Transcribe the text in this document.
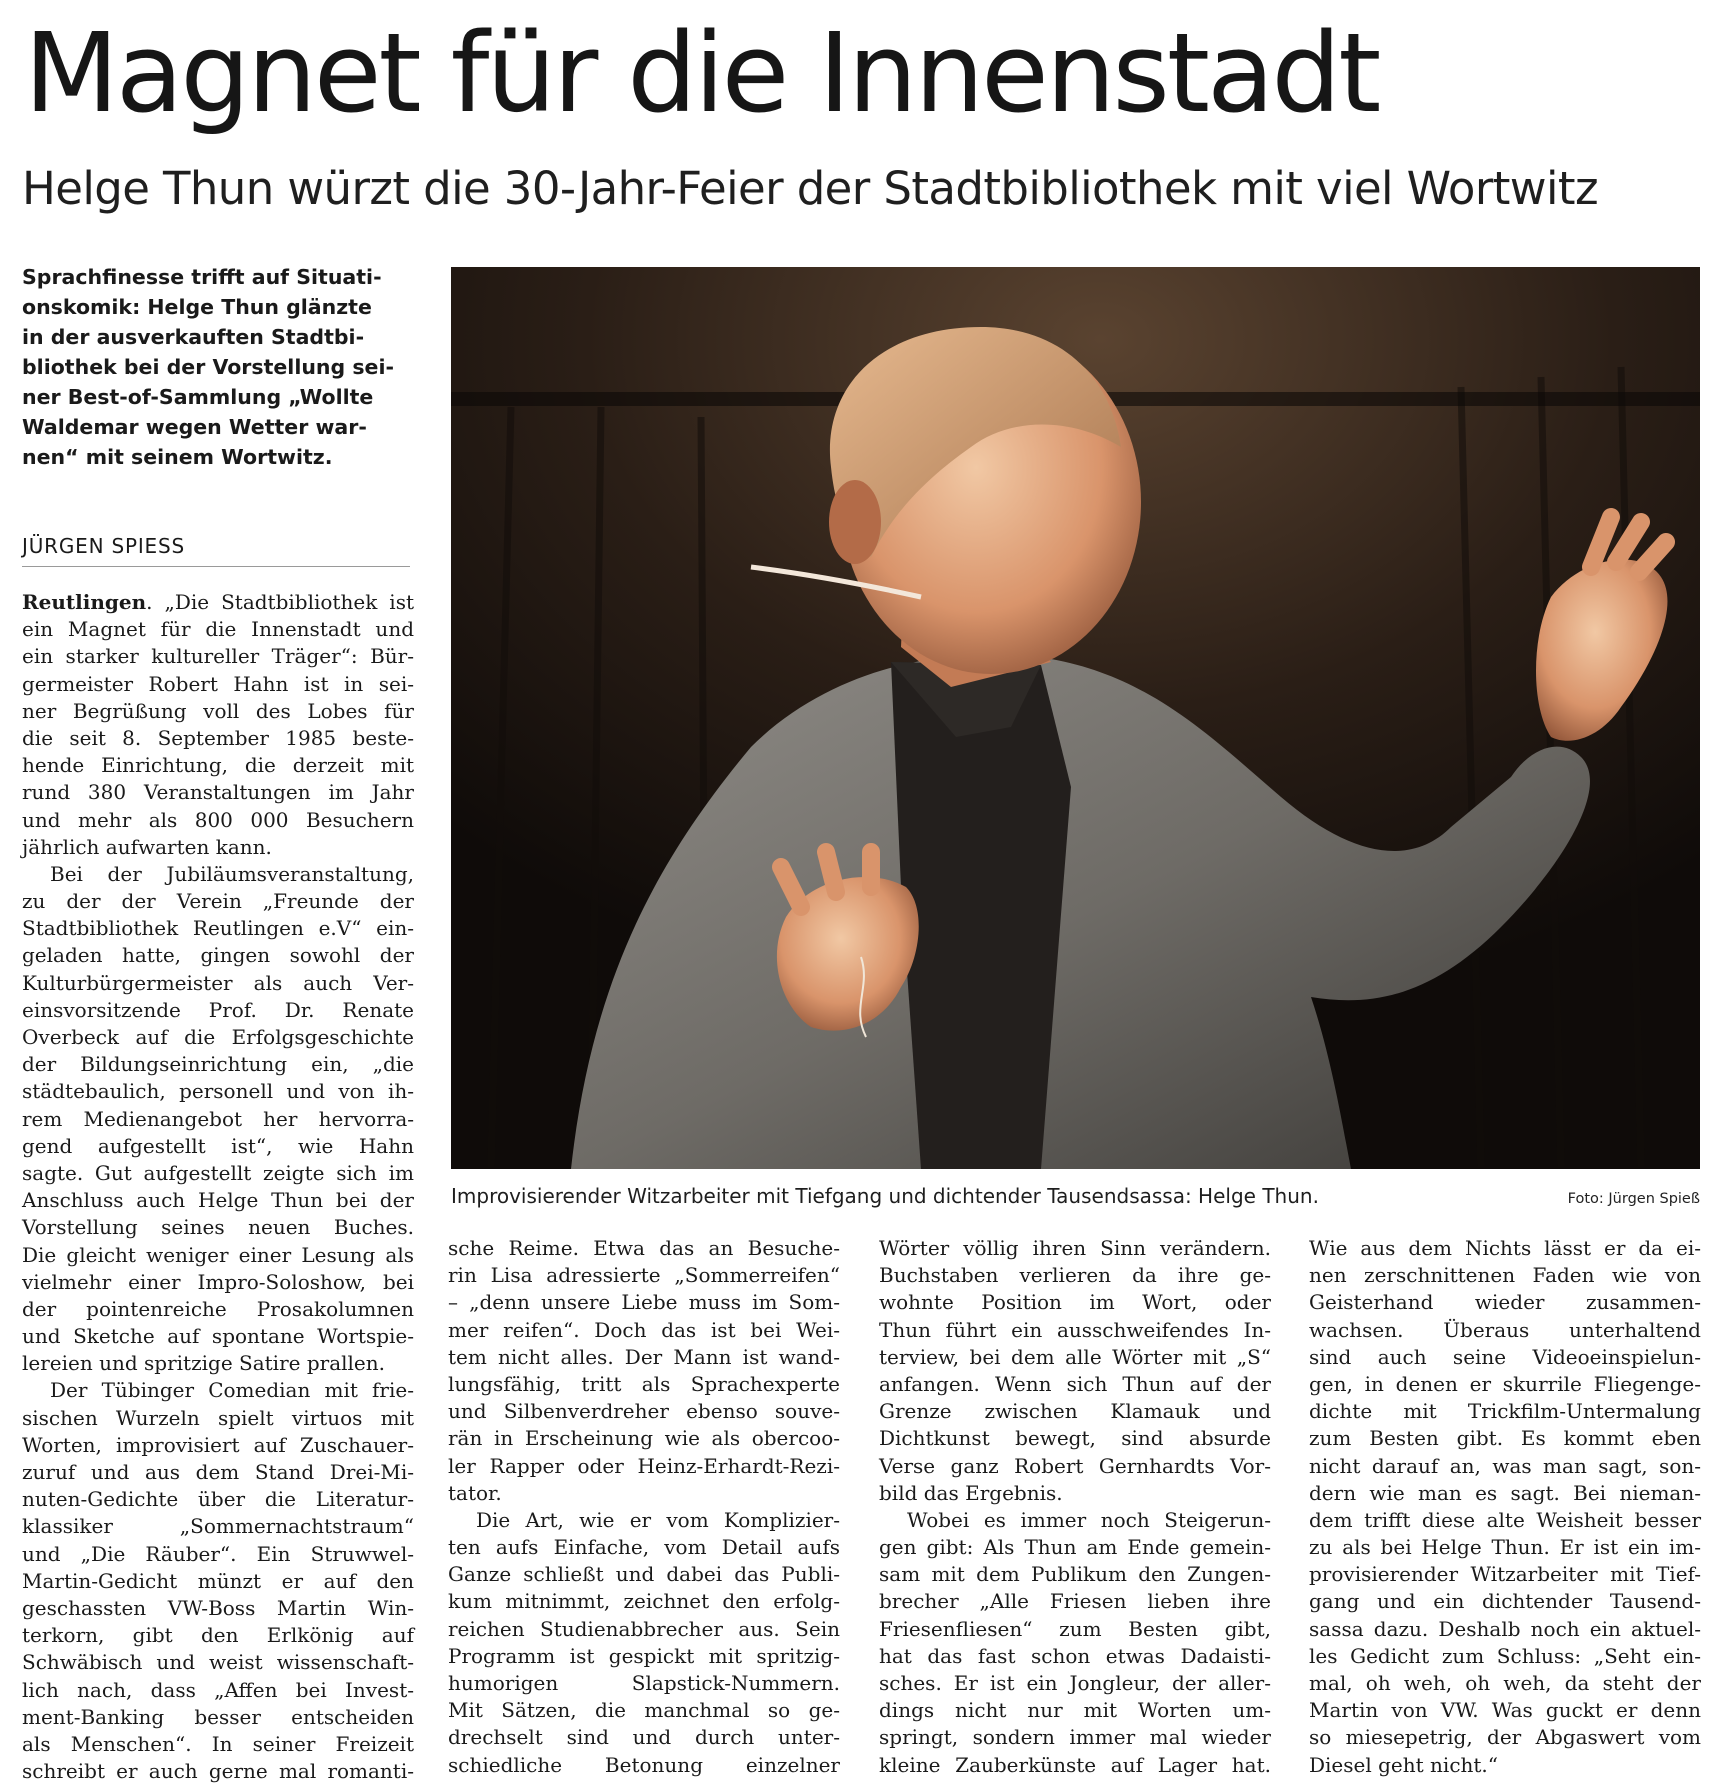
Magnet für die Innenstadt
Helge Thun würzt die 30-Jahr-Feier der Stadtbibliothek mit viel Wortwitz
Sprachfinesse trifft auf Situati-
onskomik: Helge Thun glänzte
in der ausverkauften Stadtbi-
bliothek bei der Vorstellung sei-
ner Best-of-Sammlung „Wollte
Waldemar wegen Wetter war-
nen“ mit seinem Wortwitz.
JÜRGEN SPIESS
Improvisierender Witzarbeiter mit Tiefgang und dichtender Tausendsassa: Helge Thun.	Foto: Jürgen Spieß
Reutlingen. „Die Stadtbibliothek ist
ein Magnet für die Innenstadt und
ein starker kultureller Träger“: Bür-
germeister Robert Hahn ist in sei-
ner Begrüßung voll des Lobes für
die seit 8. September 1985 beste-
hende Einrichtung, die derzeit mit
rund 380 Veranstaltungen im Jahr
und mehr als 800 000 Besuchern
jährlich aufwarten kann.
Bei der Jubiläumsveranstaltung,
zu der der Verein „Freunde der
Stadtbibliothek Reutlingen e.V“ ein-
geladen hatte, gingen sowohl der
Kulturbürgermeister als auch Ver-
einsvorsitzende Prof. Dr. Renate
Overbeck auf die Erfolgsgeschichte
der Bildungseinrichtung ein, „die
städtebaulich, personell und von ih-
rem Medienangebot her hervorra-
gend aufgestellt ist“, wie Hahn
sagte. Gut aufgestellt zeigte sich im
Anschluss auch Helge Thun bei der
Vorstellung seines neuen Buches.
Die gleicht weniger einer Lesung als
vielmehr einer Impro-Soloshow, bei
der pointenreiche Prosakolumnen
und Sketche auf spontane Wortspie-
lereien und spritzige Satire prallen.
Der Tübinger Comedian mit frie-
sischen Wurzeln spielt virtuos mit
Worten, improvisiert auf Zuschauer-
zuruf und aus dem Stand Drei-Mi-
nuten-Gedichte über die Literatur-
klassiker „Sommernachtstraum“
und „Die Räuber“. Ein Struwwel-
Martin-Gedicht münzt er auf den
geschassten VW-Boss Martin Win-
terkorn, gibt den Erlkönig auf
Schwäbisch und weist wissenschaft-
lich nach, dass „Affen bei Invest-
ment-Banking besser entscheiden
als Menschen“. In seiner Freizeit
schreibt er auch gerne mal romanti-
sche Reime. Etwa das an Besuche-
rin Lisa adressierte „Sommerreifen“
– „denn unsere Liebe muss im Som-
mer reifen“. Doch das ist bei Wei-
tem nicht alles. Der Mann ist wand-
lungsfähig, tritt als Sprachexperte
und Silbenverdreher ebenso souve-
rän in Erscheinung wie als obercoo-
ler Rapper oder Heinz-Erhardt-Rezi-
tator.
Die Art, wie er vom Komplizier-
ten aufs Einfache, vom Detail aufs
Ganze schließt und dabei das Publi-
kum mitnimmt, zeichnet den erfolg-
reichen Studienabbrecher aus. Sein
Programm ist gespickt mit spritzig-
humorigen Slapstick-Nummern.
Mit Sätzen, die manchmal so ge-
drechselt sind und durch unter-
schiedliche Betonung einzelner
Wörter völlig ihren Sinn verändern.
Buchstaben verlieren da ihre ge-
wohnte Position im Wort, oder
Thun führt ein ausschweifendes In-
terview, bei dem alle Wörter mit „S“
anfangen. Wenn sich Thun auf der
Grenze zwischen Klamauk und
Dichtkunst bewegt, sind absurde
Verse ganz Robert Gernhardts Vor-
bild das Ergebnis.
Wobei es immer noch Steigerun-
gen gibt: Als Thun am Ende gemein-
sam mit dem Publikum den Zungen-
brecher „Alle Friesen lieben ihre
Friesenfliesen“ zum Besten gibt,
hat das fast schon etwas Dadaisti-
sches. Er ist ein Jongleur, der aller-
dings nicht nur mit Worten um-
springt, sondern immer mal wieder
kleine Zauberkünste auf Lager hat.
Wie aus dem Nichts lässt er da ei-
nen zerschnittenen Faden wie von
Geisterhand wieder zusammen-
wachsen. Überaus unterhaltend
sind auch seine Videoeinspielun-
gen, in denen er skurrile Fliegenge-
dichte mit Trickfilm-Untermalung
zum Besten gibt. Es kommt eben
nicht darauf an, was man sagt, son-
dern wie man es sagt. Bei nieman-
dem trifft diese alte Weisheit besser
zu als bei Helge Thun. Er ist ein im-
provisierender Witzarbeiter mit Tief-
gang und ein dichtender Tausend-
sassa dazu. Deshalb noch ein aktuel-
les Gedicht zum Schluss: „Seht ein-
mal, oh weh, oh weh, da steht der
Martin von VW. Was guckt er denn
so miesepetrig, der Abgaswert vom
Diesel geht nicht.“
